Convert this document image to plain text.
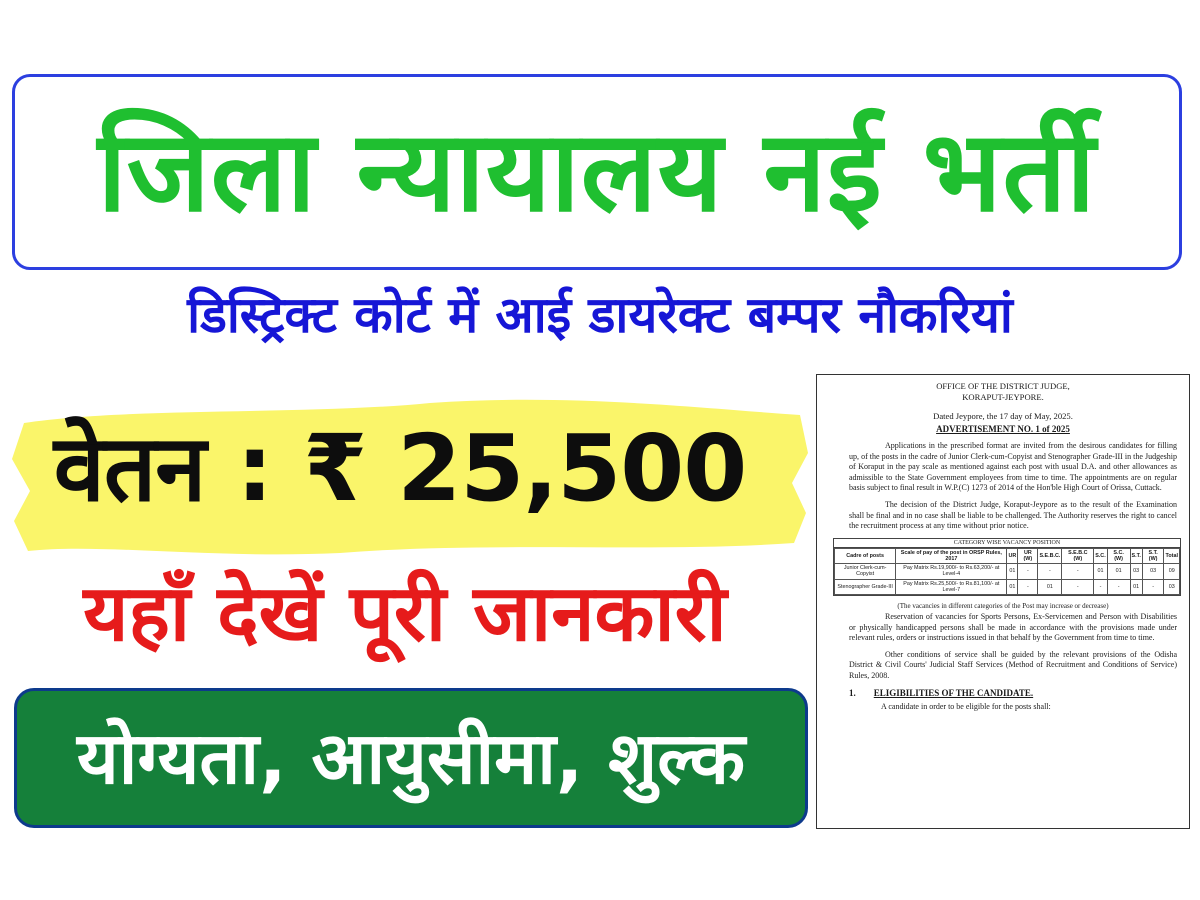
जिला न्यायालय नई भर्ती
डिस्ट्रिक्ट कोर्ट में आई डायरेक्ट बम्पर नौकरियां
वेतन : ₹ 25,500
यहाँ देखें पूरी जानकारी
योग्यता, आयुसीमा, शुल्क
OFFICE OF THE DISTRICT JUDGE,
KORAPUT-JEYPORE.
Dated Jeypore, the 17 day of May, 2025.
ADVERTISEMENT NO. 1 of 2025

Applications in the prescribed format are invited from the desirous candidates for filling up, of the posts in the cadre of Junior Clerk-cum-Copyist and Stenographer Grade-III in the Judgeship of Koraput in the pay scale as mentioned against each post with usual D.A. and other allowances as admissible to the State Government employees from time to time. The appointments are on regular basis subject to final result in W.P.(C) 1273 of 2014 of the Hon'ble High Court of Orissa, Cuttack.

The decision of the District Judge, Koraput-Jeypore as to the result of the Examination shall be final and in no case shall be liable to be challenged. The Authority reserves the right to cancel the recruitment process at any time without prior notice.

CATEGORY WISE VACANCY POSITION
Cadre of posts	Scale of pay of the post in ORSP Rules, 2017	UR	UR (W)	S.E.B.C.	S.E.B.C (W)	S.C.	S.C. (W)	S.T.	S.T. (W)	Total
Junior Clerk-cum-Copyist	Pay Matrix Rs.19,900/- to Rs.63,200/- at Level-4	01	-	-	-	01	01	03	03	09
Stenographer Grade-III	Pay Matrix Rs.25,500/- to Rs.81,100/- at Level-7	01	-	01	-	-	-	01	-	03
(The vacancies in different categories of the Post may increase or decrease)

Reservation of vacancies for Sports Persons, Ex-Servicemen and Person with Disabilities or physically handicapped persons shall be made in accordance with the provisions made under relevant rules, orders or instructions issued in that behalf by the Government from time to time.

Other conditions of service shall be guided by the relevant provisions of the Odisha District & Civil Courts' Judicial Staff Services (Method of Recruitment and Conditions of Service) Rules, 2008.

1. ELIGIBILITIES OF THE CANDIDATE.
A candidate in order to be eligible for the posts shall:
